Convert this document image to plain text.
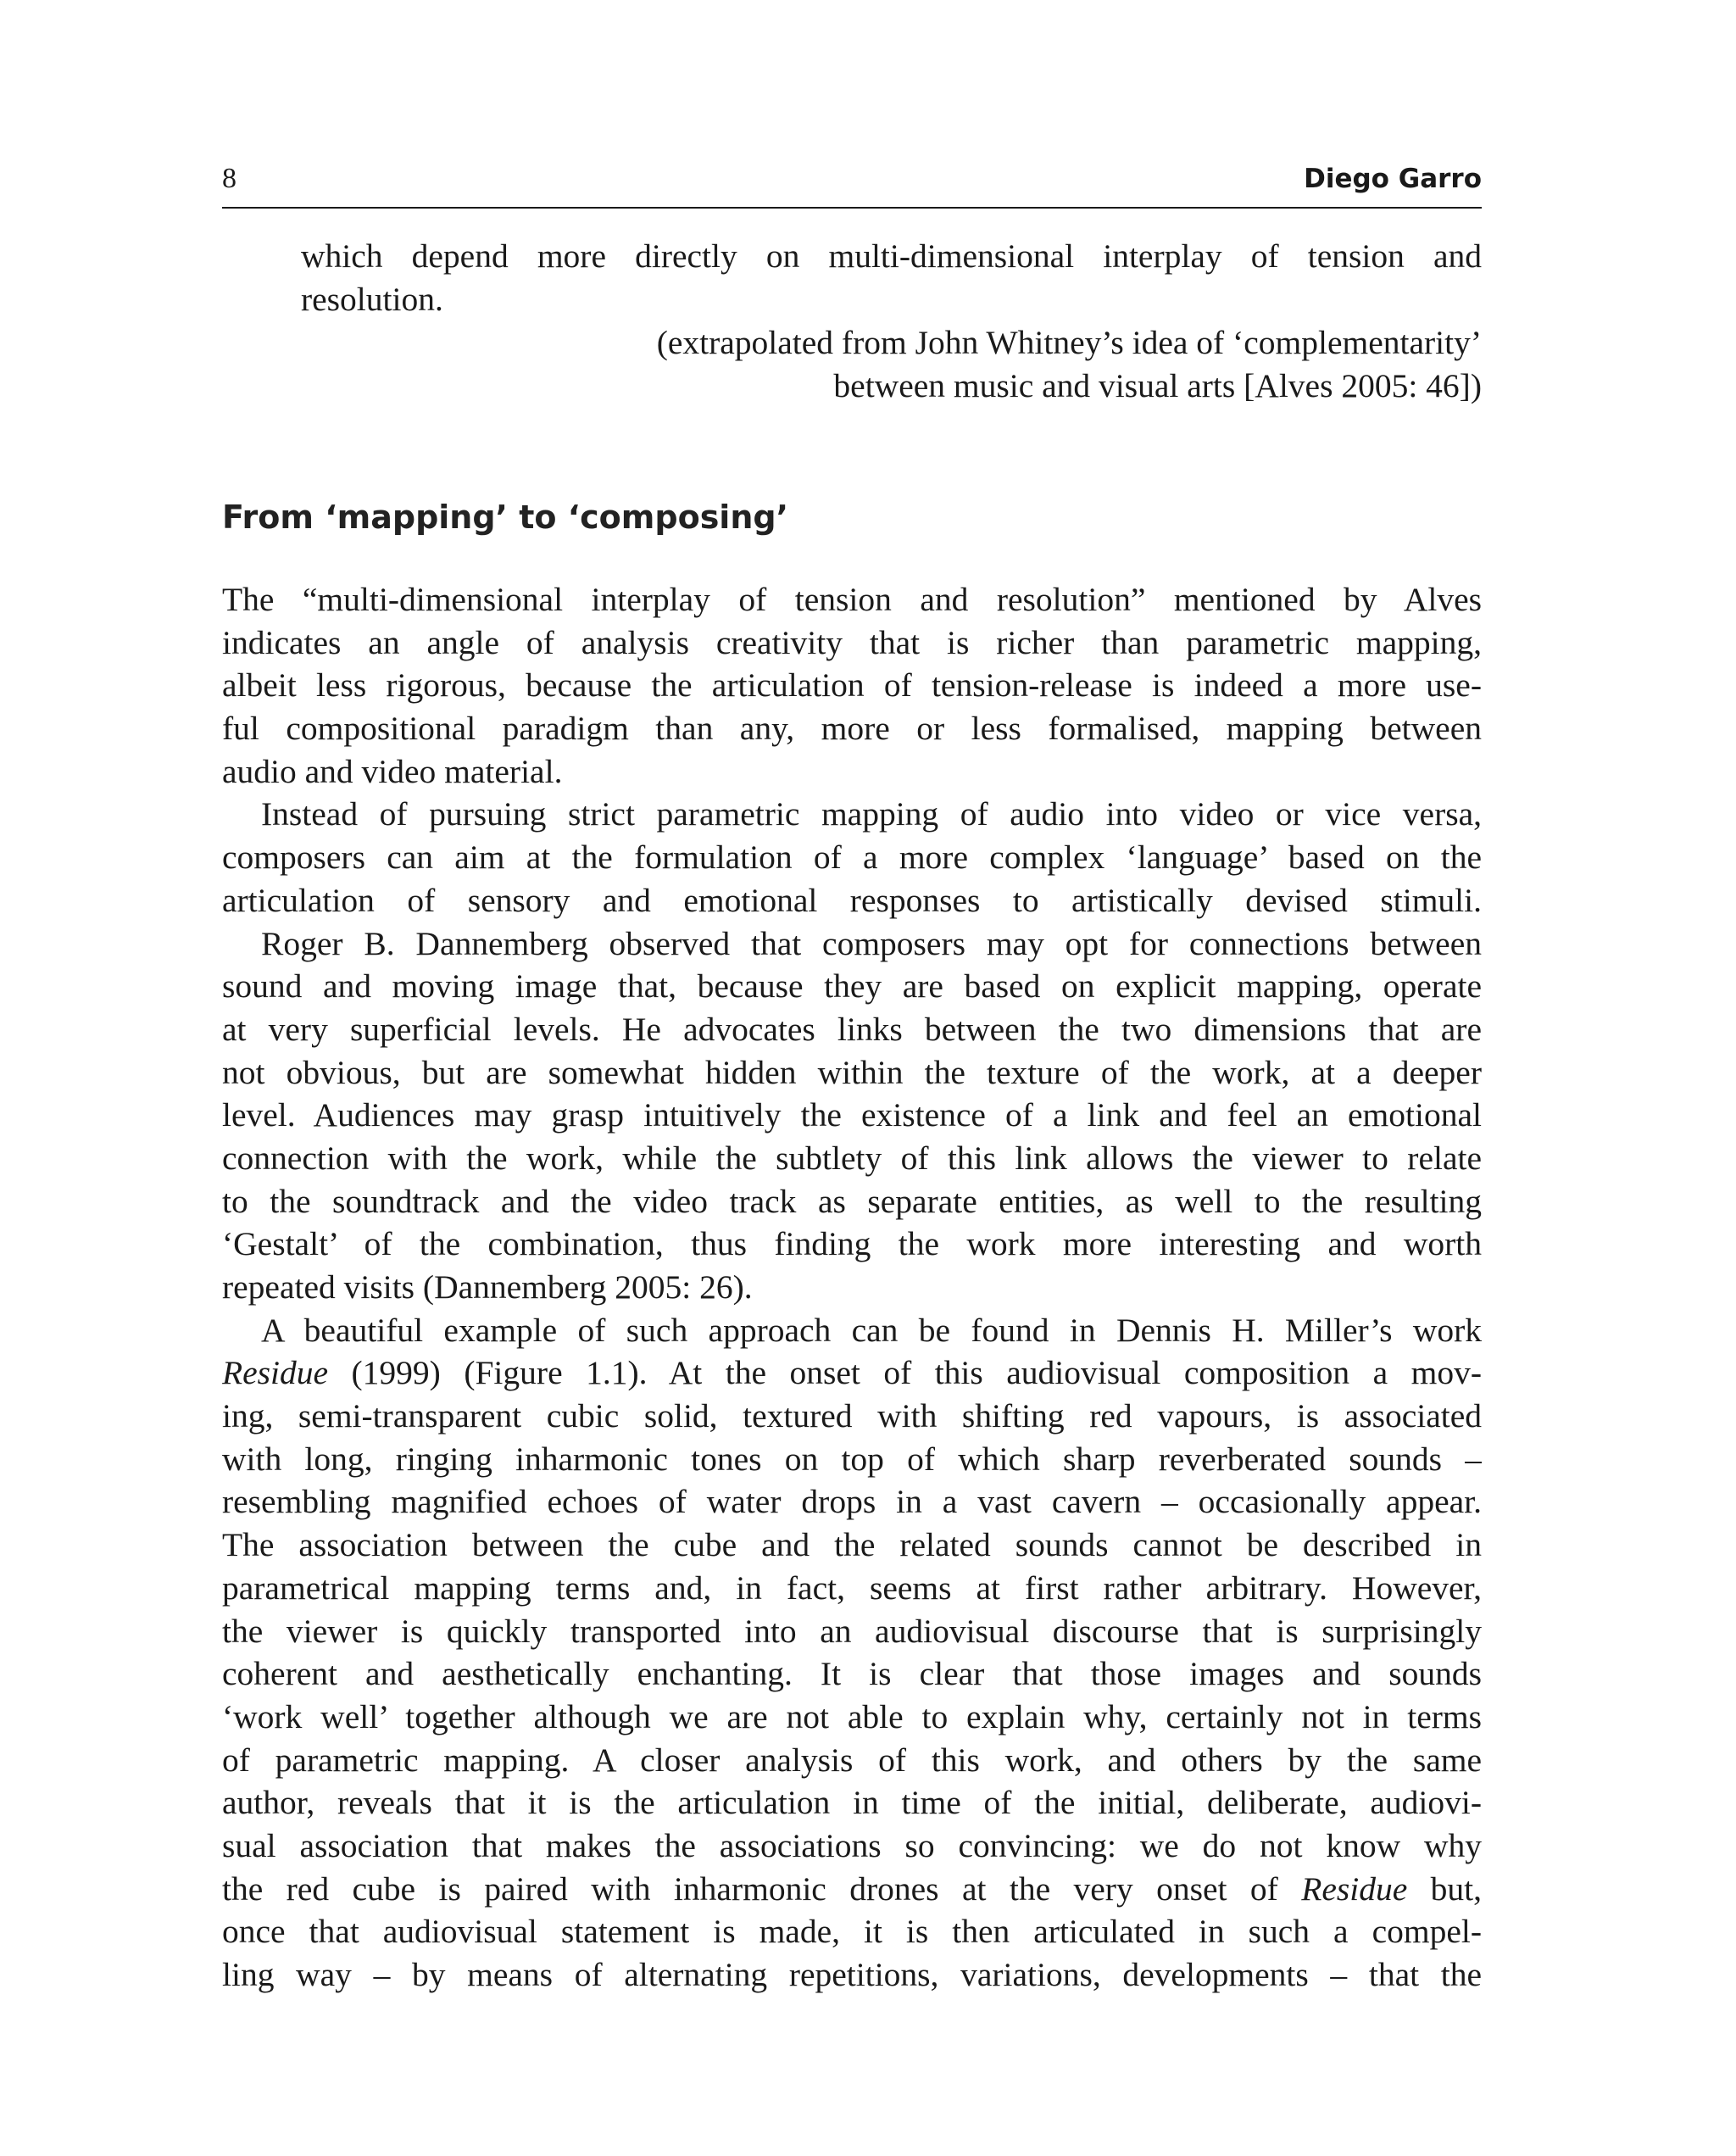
8	Diego Garro

which depend more directly on multi-dimensional interplay of tension and

resolution.

(extrapolated from John Whitney’s idea of ‘complementarity’
between music and visual arts [Alves 2005: 46])
From ‘mapping’ to ‘composing’
The “multi-dimensional interplay of tension and resolution” mentioned by Alves
indicates an angle of analysis creativity that is richer than parametric mapping,
albeit less rigorous, because the articulation of tension-release is indeed a more use-
ful compositional paradigm than any, more or less formalised, mapping between
audio and video material.
Instead of pursuing strict parametric mapping of audio into video or vice versa,
composers can aim at the formulation of a more complex ‘language’ based on the
articulation of sensory and emotional responses to artistically devised stimuli.
Roger B. Dannemberg observed that composers may opt for connections between
sound and moving image that, because they are based on explicit mapping, operate
at very superficial levels. He advocates links between the two dimensions that are
not obvious, but are somewhat hidden within the texture of the work, at a deeper
level. Audiences may grasp intuitively the existence of a link and feel an emotional
connection with the work, while the subtlety of this link allows the viewer to relate
to the soundtrack and the video track as separate entities, as well to the resulting
‘Gestalt’ of the combination, thus finding the work more interesting and worth
repeated visits (Dannemberg 2005: 26).
A beautiful example of such approach can be found in Dennis H. Miller’s work
Residue (1999) (Figure 1.1). At the onset of this audiovisual composition a mov-
ing, semi-transparent cubic solid, textured with shifting red vapours, is associated
with long, ringing inharmonic tones on top of which sharp reverberated sounds –
resembling magnified echoes of water drops in a vast cavern – occasionally appear.
The association between the cube and the related sounds cannot be described in
parametrical mapping terms and, in fact, seems at first rather arbitrary. However,
the viewer is quickly transported into an audiovisual discourse that is surprisingly
coherent and aesthetically enchanting. It is clear that those images and sounds
‘work well’ together although we are not able to explain why, certainly not in terms
of parametric mapping. A closer analysis of this work, and others by the same
author, reveals that it is the articulation in time of the initial, deliberate, audiovi-
sual association that makes the associations so convincing: we do not know why
the red cube is paired with inharmonic drones at the very onset of Residue but,
once that audiovisual statement is made, it is then articulated in such a compel-
ling way – by means of alternating repetitions, variations, developments – that the
